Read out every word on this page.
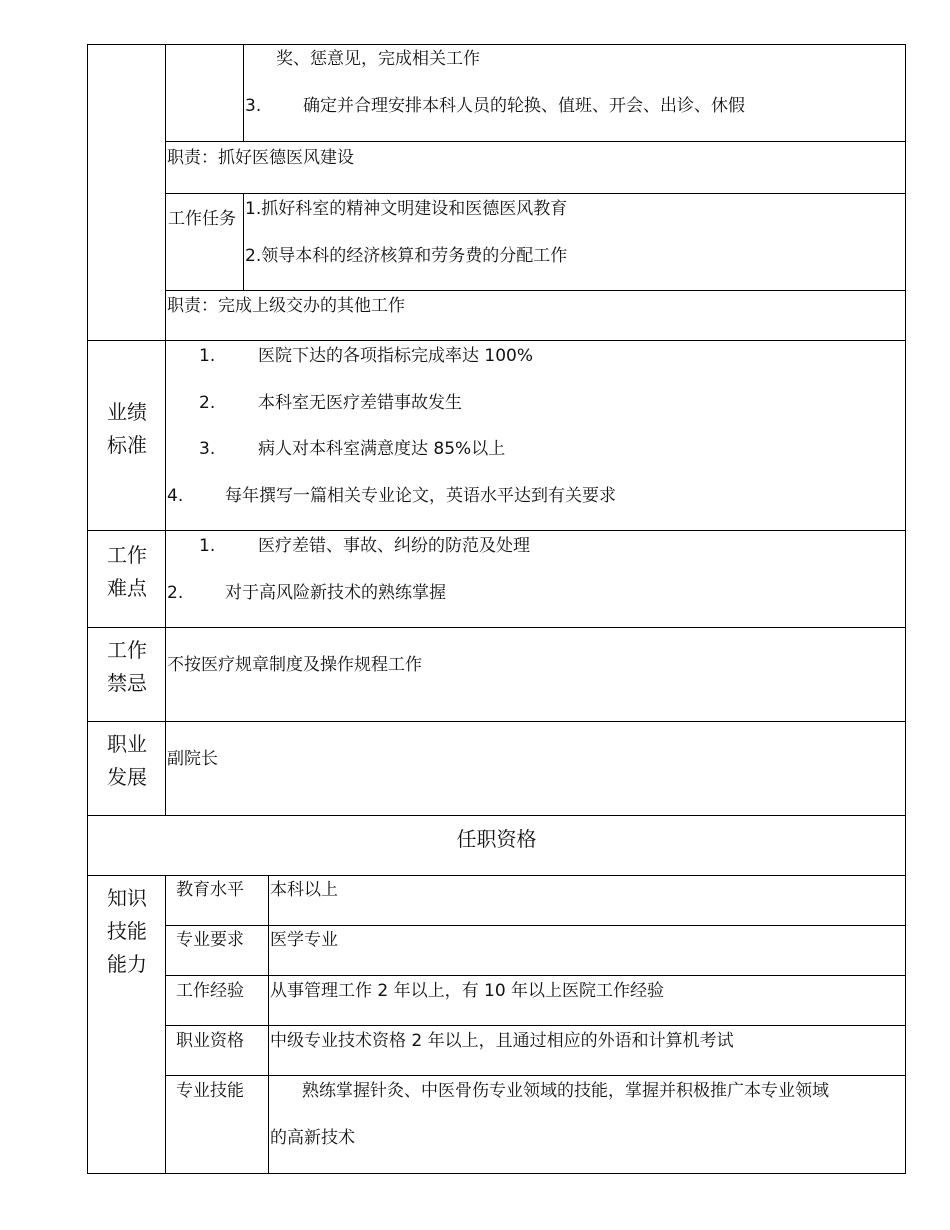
奖、惩意见，完成相关工作
3. 确定并合理安排本科人员的轮换、值班、开会、出诊、休假
职责：抓好医德医风建设
工作任务 1.抓好科室的精神文明建设和医德医风教育
2.领导本科的经济核算和劳务费的分配工作
职责：完成上级交办的其他工作
业绩标准
1.	医院下达的各项指标完成率达 100%
2.	本科室无医疗差错事故发生
3.	病人对本科室满意度达 85%以上
4. 每年撰写一篇相关专业论文，英语水平达到有关要求
工作难点
1.	医疗差错、事故、纠纷的防范及处理
2. 对于高风险新技术的熟练掌握
工作禁忌
不按医疗规章制度及操作规程工作
职业发展
副院长
任职资格
知识技能能力
教育水平 本科以上
专业要求 医学专业
工作经验 从事管理工作 2 年以上，有 10 年以上医院工作经验
职业资格 中级专业技术资格 2 年以上，且通过相应的外语和计算机考试
专业技能	熟练掌握针灸、中医骨伤专业领域的技能，掌握并积极推广本专业领域
的高新技术
